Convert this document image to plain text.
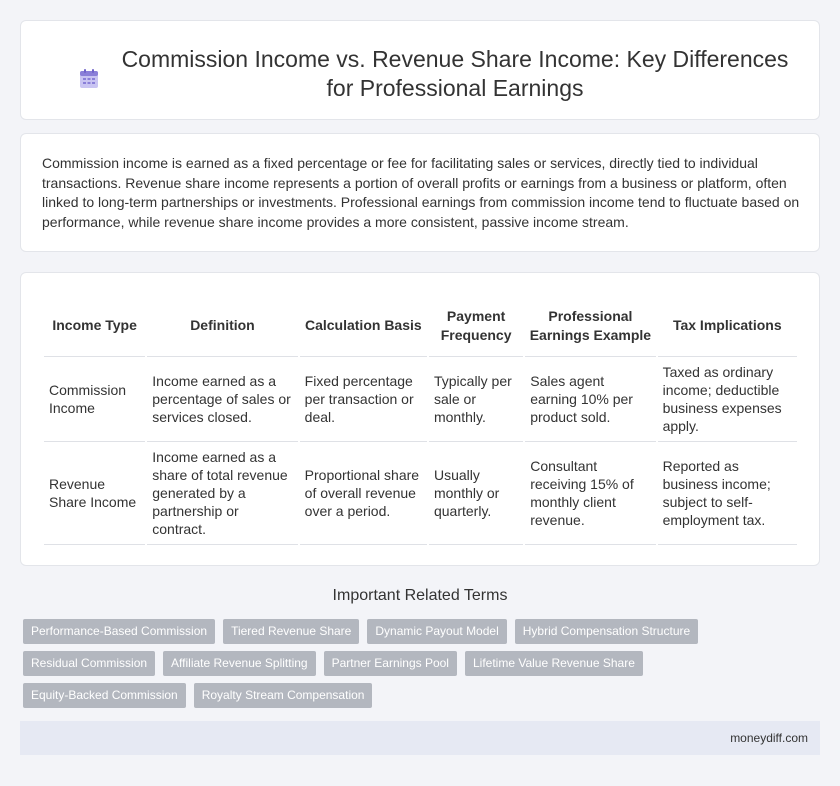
Commission Income vs. Revenue Share Income: Key Differences for Professional Earnings

Commission income is earned as a fixed percentage or fee for facilitating sales or services, directly tied to individual transactions. Revenue share income represents a portion of overall profits or earnings from a business or platform, often linked to long-term partnerships or investments. Professional earnings from commission income tend to fluctuate based on performance, while revenue share income provides a more consistent, passive income stream.

Income Type	Definition	Calculation Basis	Payment Frequency	Professional Earnings Example	Tax Implications
Commission Income	Income earned as a percentage of sales or services closed.	Fixed percentage per transaction or deal.	Typically per sale or monthly.	Sales agent earning 10% per product sold.	Taxed as ordinary income; deductible business expenses apply.
Revenue Share Income	Income earned as a share of total revenue generated by a partnership or contract.	Proportional share of overall revenue over a period.	Usually monthly or quarterly.	Consultant receiving 15% of monthly client revenue.	Reported as business income; subject to self-employment tax.
Important Related Terms
Performance-Based Commission	Tiered Revenue Share	Dynamic Payout Model	Hybrid Compensation Structure
Residual Commission	Affiliate Revenue Splitting	Partner Earnings Pool	Lifetime Value Revenue Share
Equity-Backed Commission	Royalty Stream Compensation
moneydiff.com
